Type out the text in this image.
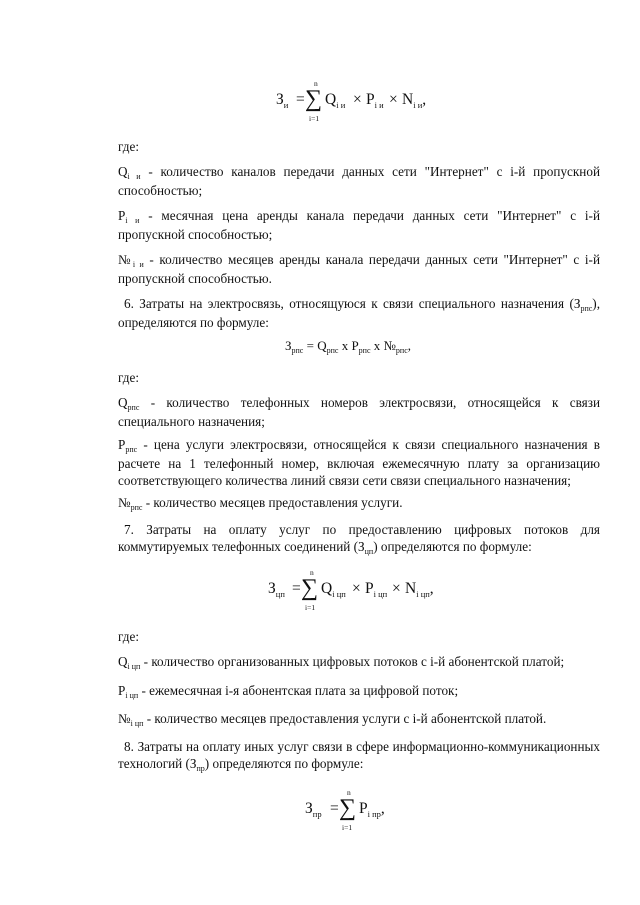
$З_и$ =
n
∑
i=1
$Q_{i и} \times P_{i и} \times N_{i и}$,

где:

$Q_{i и}$ - количество каналов передачи данных сети "Интернет" с i-й пропускной способностью;

$P_{i и}$ - месячная цена аренды канала передачи данных сети "Интернет" с i-й пропускной способностью;

$№_{i и}$ - количество месяцев аренды канала передачи данных сети "Интернет" с i-й пропускной способностью.

6. Затраты на электросвязь, относящуюся к связи специального назначения $(З_{рпс})$, определяются по формуле:

$З_{рпс} = Q_{рпс}$ x $P_{рпс}$ x $№_{рпс}$,

где:

$Q_{рпс}$ - количество телефонных номеров электросвязи, относящейся к связи специального назначения;

$P_{рпс}$ - цена услуги электросвязи, относящейся к связи специального назначения в расчете на 1 телефонный номер, включая ежемесячную плату за организацию соответствующего количества линий связи сети связи специального назначения;

$№_{рпс}$ - количество месяцев предоставления услуги.

7. Затраты на оплату услуг по предоставлению цифровых потоков для коммутируемых телефонных соединений $(З_{цп})$ определяются по формуле:

$З_{цп}$ =
n
∑
i=1
$Q_{i цп} \times P_{i цп} \times N_{i цп}$,

где:

$Q_{i цп}$ - количество организованных цифровых потоков с i-й абонентской платой;

$P_{i цп}$ - ежемесячная i-я абонентская плата за цифровой поток;

$№_{i цп}$ - количество месяцев предоставления услуги с i-й абонентской платой.

8. Затраты на оплату иных услуг связи в сфере информационно-коммуникационных технологий $(З_{пр})$ определяются по формуле:

$З_{пр}$ =
n
∑
i=1
$P_{i пр}$,
